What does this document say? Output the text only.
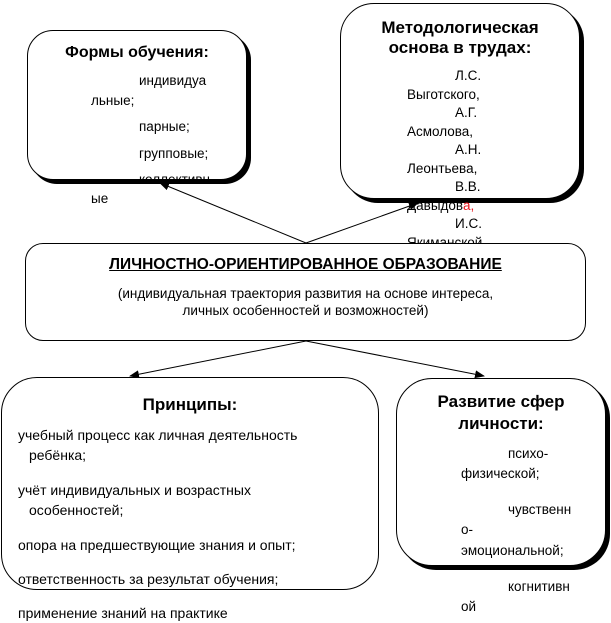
Формы обучения:
индивидуа
льные;
парные;
групповые;
коллективн
ые
Методологическая
основа в трудах:
Л.С.
Выготского,
А.Г.
Асмолова,
А.Н.
Леонтьева,
В.В.
Давыдова,
И.С.
ЛИЧНОСТНО-ОРИЕНТИРОВАННОЕ ОБРАЗОВАНИЕ
(индивидуальная траектория развития на основе интереса,
личных особенностей и возможностей)
Принципы:
учебный процесс как личная деятельность
ребёнка;
учёт индивидуальных и возрастных
особенностей;
опора на предшествующие знания и опыт;
ответственность за результат обучения;
применение знаний на практике
Развитие сфер
личности:
психо-
физической;
чувственн
о-
эмоциональной;
когнитивн
ой
